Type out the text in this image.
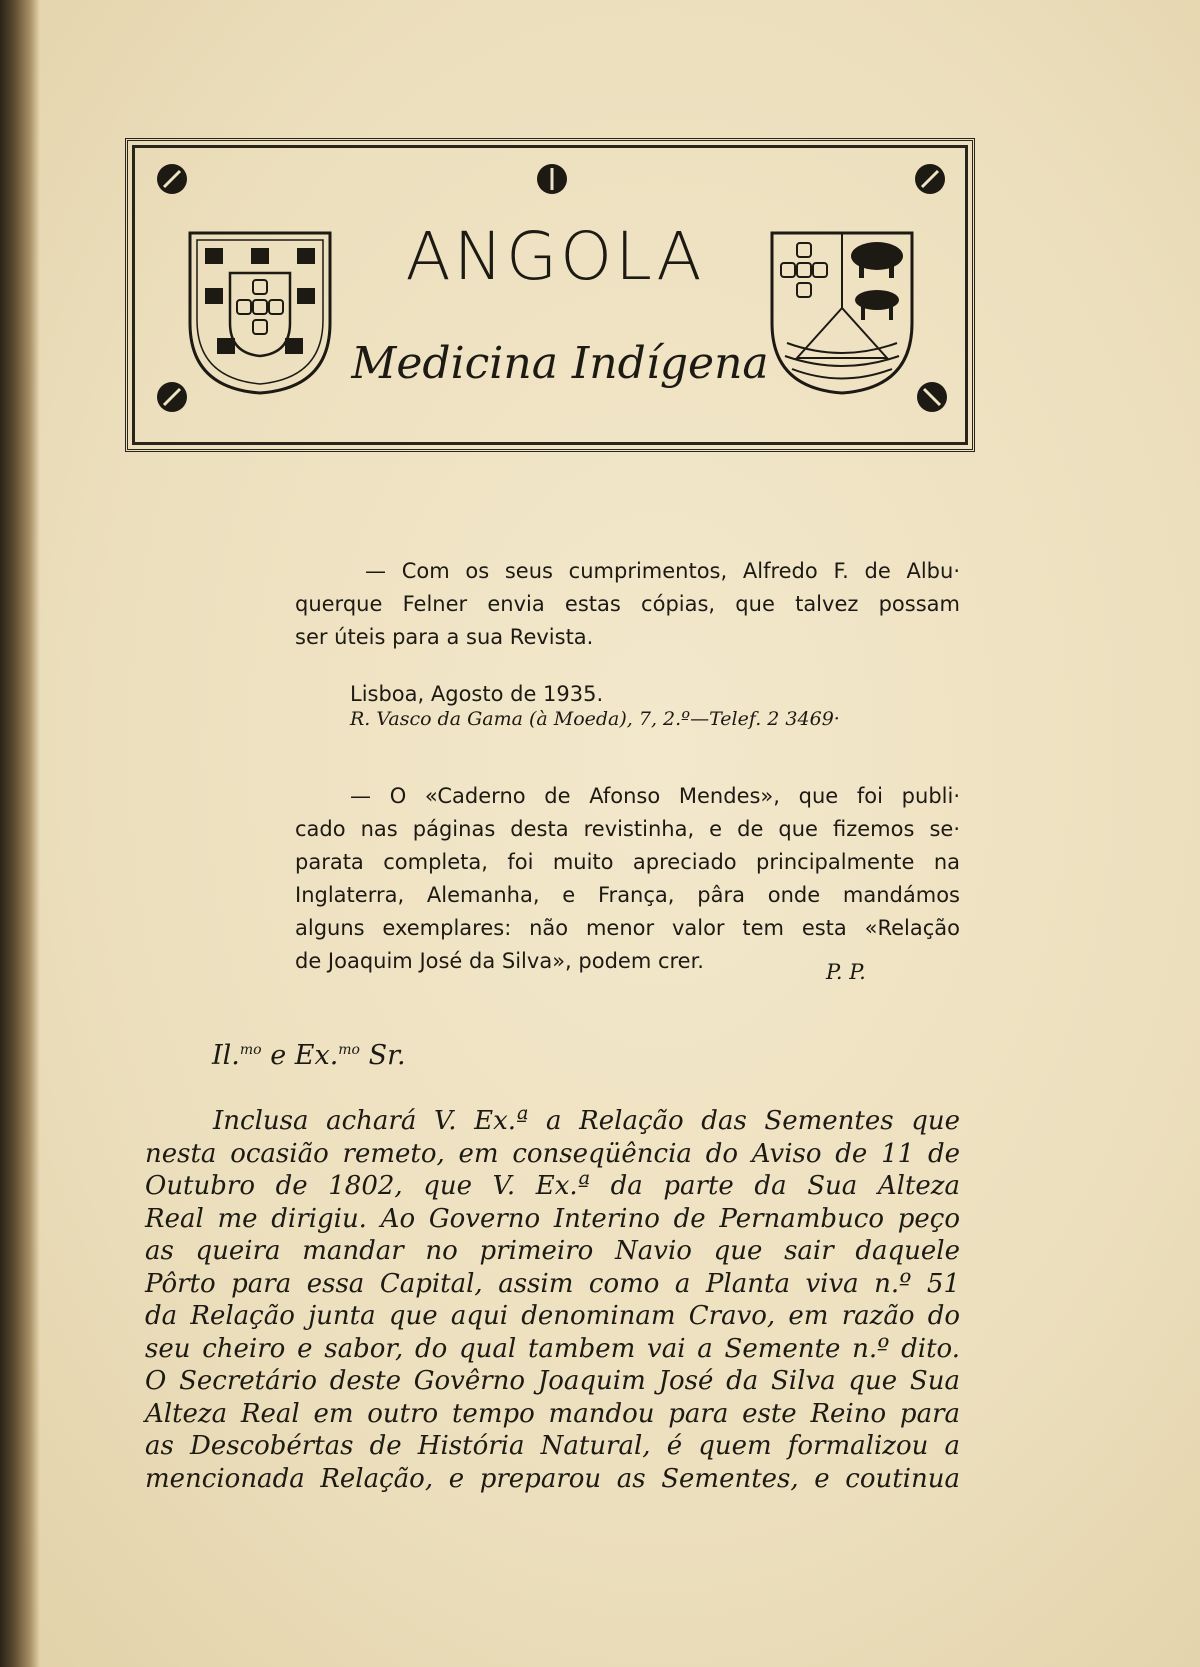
ANGOLA
Medicina Indígena
— Com os seus cumprimentos, Alfredo F. de Albu·
querque Felner envia estas cópias, que talvez possam
ser úteis para a sua Revista.
Lisboa, Agosto de 1935.
R. Vasco da Gama (à Moeda), 7, 2.º—Telef. 2 3469·
— O «Caderno de Afonso Mendes», que foi publi·
cado nas páginas desta revistinha, e de que fizemos se·
parata completa, foi muito apreciado principalmente na
Inglaterra, Alemanha, e França, pâra onde mandámos
alguns exemplares: não menor valor tem esta «Relação
de Joaquim José da Silva», podem crer.	P. P.
Il.$^{mo}$ e Ex.$^{mo}$ Sr.
Inclusa achará V. Ex.ª a Relação das Sementes que
nesta ocasião remeto, em conseqüência do Aviso de 11 de
Outubro de 1802, que V. Ex.ª da parte da Sua Alteza
Real me dirigiu. Ao Governo Interino de Pernambuco peço
as queira mandar no primeiro Navio que sair daquele
Pôrto para essa Capital, assim como a Planta viva n.º 51
da Relação junta que aqui denominam Cravo, em razão do
seu cheiro e sabor, do qual tambem vai a Semente n.º dito.
O Secretário deste Govêrno Joaquim José da Silva que Sua
Alteza Real em outro tempo mandou para este Reino para
as Descobértas de História Natural, é quem formalizou a
mencionada Relação, e preparou as Sementes, e coutinua
